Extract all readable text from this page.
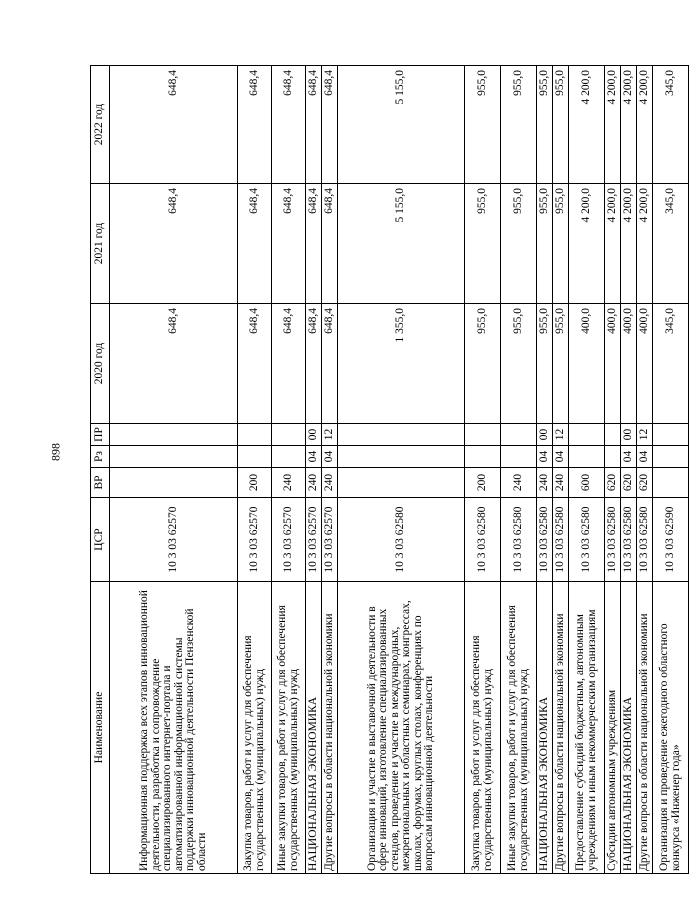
898
Наименование	ЦСР	ВР	Рз	ПР	2020 год	2021 год	2022 год
Информационная поддержка всех этапов инновационной деятельности, разработка и сопровождение специализированного интернет-портала и автоматизированной информационной системы поддержки инновационной деятельности Пензенской области	10 3 03 62570				648,4	648,4	648,4
Закупка товаров, работ и услуг для обеспечения государственных (муниципальных) нужд	10 3 03 62570	200			648,4	648,4	648,4
Иные закупки товаров, работ и услуг для обеспечения государственных (муниципальных) нужд	10 3 03 62570	240			648,4	648,4	648,4
НАЦИОНАЛЬНАЯ ЭКОНОМИКА	10 3 03 62570	240	04	00	648,4	648,4	648,4
Другие вопросы в области национальной экономики	10 3 03 62570	240	04	12	648,4	648,4	648,4
Организация и участие в выставочной деятельности в сфере инноваций, изготовление специализированных стендов, проведение и участие в международных, межрегиональных и областных семинарах, конгрессах, школах, форумах, круглых столах, конференциях по вопросам инновационной деятельности	10 3 03 62580				1 355,0	5 155,0	5 155,0
Закупка товаров, работ и услуг для обеспечения государственных (муниципальных) нужд	10 3 03 62580	200			955,0	955,0	955,0
Иные закупки товаров, работ и услуг для обеспечения государственных (муниципальных) нужд	10 3 03 62580	240			955,0	955,0	955,0
НАЦИОНАЛЬНАЯ ЭКОНОМИКА	10 3 03 62580	240	04	00	955,0	955,0	955,0
Другие вопросы в области национальной экономики	10 3 03 62580	240	04	12	955,0	955,0	955,0
Предоставление субсидий бюджетным, автономным учреждениям и иным некоммерческим организациям	10 3 03 62580	600			400,0	4 200,0	4 200,0
Субсидии автономным учреждениям	10 3 03 62580	620			400,0	4 200,0	4 200,0
НАЦИОНАЛЬНАЯ ЭКОНОМИКА	10 3 03 62580	620	04	00	400,0	4 200,0	4 200,0
Другие вопросы в области национальной экономики	10 3 03 62580	620	04	12	400,0	4 200,0	4 200,0
Организация и проведение ежегодного областного конкурса «Инженер года»	10 3 03 62590				345,0	345,0	345,0
